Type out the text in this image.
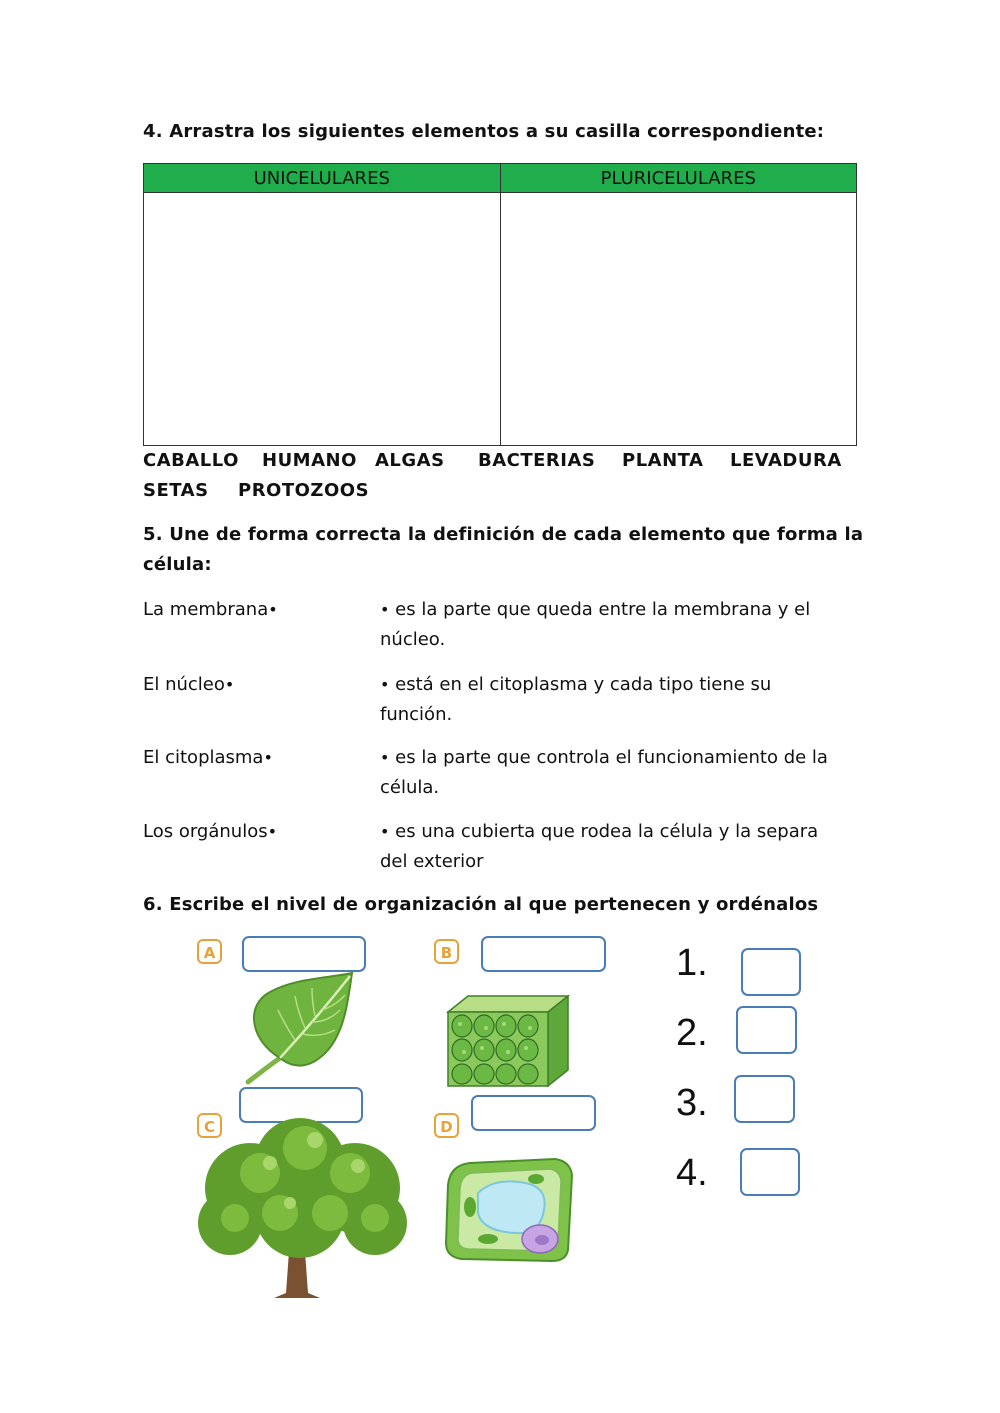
4. Arrastra los siguientes elementos a su casilla correspondiente:
UNICELULARES	PLURICELULARES

CABALLO HUMANO ALGAS BACTERIAS PLANTA LEVADURA
SETAS PROTOZOOS
5. Une de forma correcta la definición de cada elemento que forma la
célula:
La membrana•	• es la parte que queda entre la membrana y el
núcleo.
El núcleo•	• está en el citoplasma y cada tipo tiene su
función.
El citoplasma•	• es la parte que controla el funcionamiento de la
célula.
Los orgánulos•	• es una cubierta que rodea la célula y la separa
del exterior
6. Escribe el nivel de organización al que pertenecen y ordénalos
A	B
C	D
1.
2.
3.
4.
